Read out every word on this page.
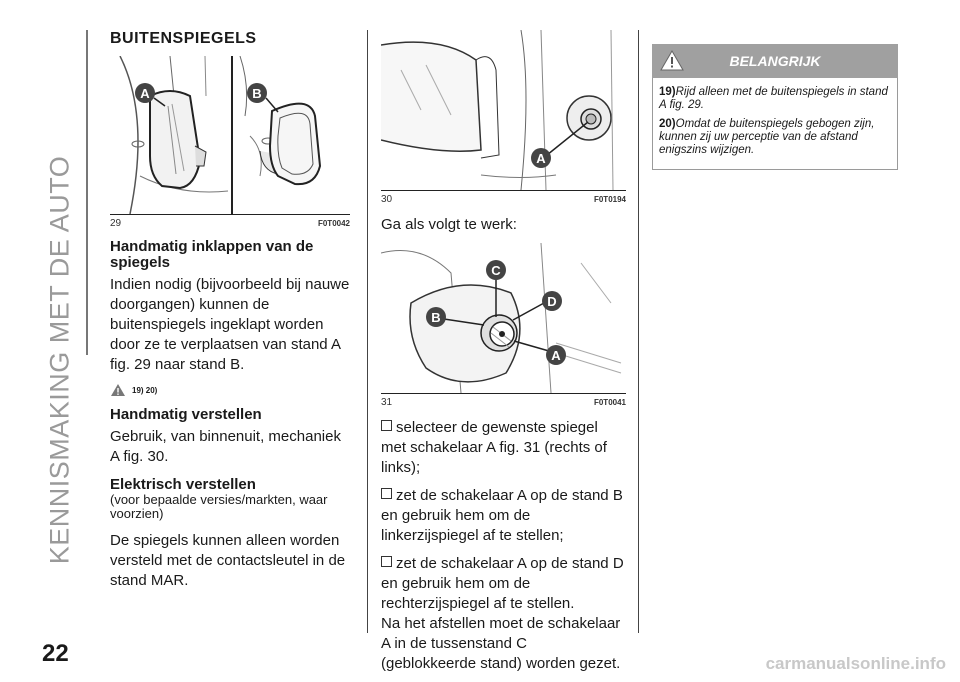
KENNISMAKING MET DE AUTO
BUITENSPIEGELS
A	B
29	F0T0042
Handmatig inklappen van de spiegels

Indien nodig (bijvoorbeeld bij nauwe doorgangen) kunnen de buitenspiegels ingeklapt worden door ze te verplaatsen van stand A fig. 29 naar stand B.

19) 20)
Handmatig verstellen

Gebruik, van binnenuit, mechaniek A fig. 30.

Elektrisch verstellen

(voor bepaalde versies/markten, waar voorzien)

De spiegels kunnen alleen worden versteld met de contactsleutel in de stand MAR.

A
30	F0T0194

Ga als volgt te werk:

C
B
D
A
31	F0T0041
selecteer de gewenste spiegel met schakelaar A fig. 31 (rechts of links);
zet de schakelaar A op de stand B en gebruik hem om de linkerzijspiegel af te stellen;
zet de schakelaar A op de stand D en gebruik hem om de rechterzijspiegel af te stellen.

Na het afstellen moet de schakelaar A in de tussenstand C (geblokkeerde stand) worden gezet.

BELANGRIJK

19)Rijd alleen met de buitenspiegels in stand A fig. 29.

20)Omdat de buitenspiegels gebogen zijn, kunnen zij uw perceptie van de afstand enigszins wijzigen.

22	carmanualsonline.info
